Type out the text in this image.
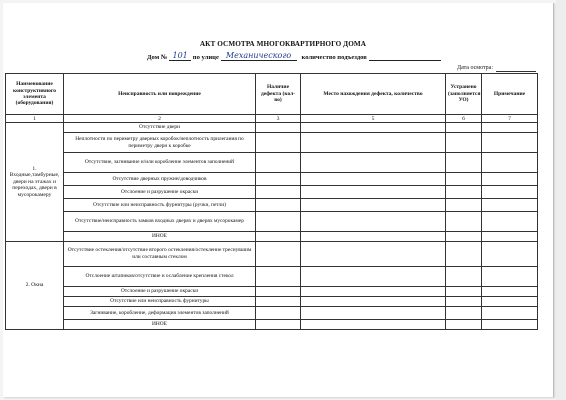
АКТ ОСМОТРА МНОГОКВАРТИРНОГО ДОМА
Дом № 101 по улице Механического количество подъездов
Дата осмотра:
Наименование конструктивного элемента (оборудования)	Неисправность или повреждение	Наличие дефекта (кол-во)	Место нахождения дефекта, количество	Устранено (заполняется УО)	Примечание
1	2	3	5	6	7
1. Входные,тамбурные, двери на этажах и переходах, двери в мусорокамеру	Отсутствие двери				
	Неплотности по периметру дверных коробок/неплотность прилегания по периметру двери к коробке				
	Отсутствие, загнивание и/или коробление элементов заполнений				
	Отсутствие дверных пружин/доводчиков				
	Отслоение и разрушение окраски				
	Отсутствие или неисправность фурнитуры (ручки, петли)				
	Отсутствие/неисправность замков входных дверях и дверях мусорокамер				
	ИНОЕ				
2. Окна	Отсутствие остекления/отсутствие второго остекления/остекление треснувшим или составным стеклом				
	Отслоение штапиков/отсутствие и ослабление крепления стекол				
	Отслоение и разрушение окраски				
	Отсутствие или неисправность фурнитуры				
	Загнивание, коробление, деформация элементов заполнений				
	ИНОЕ				
